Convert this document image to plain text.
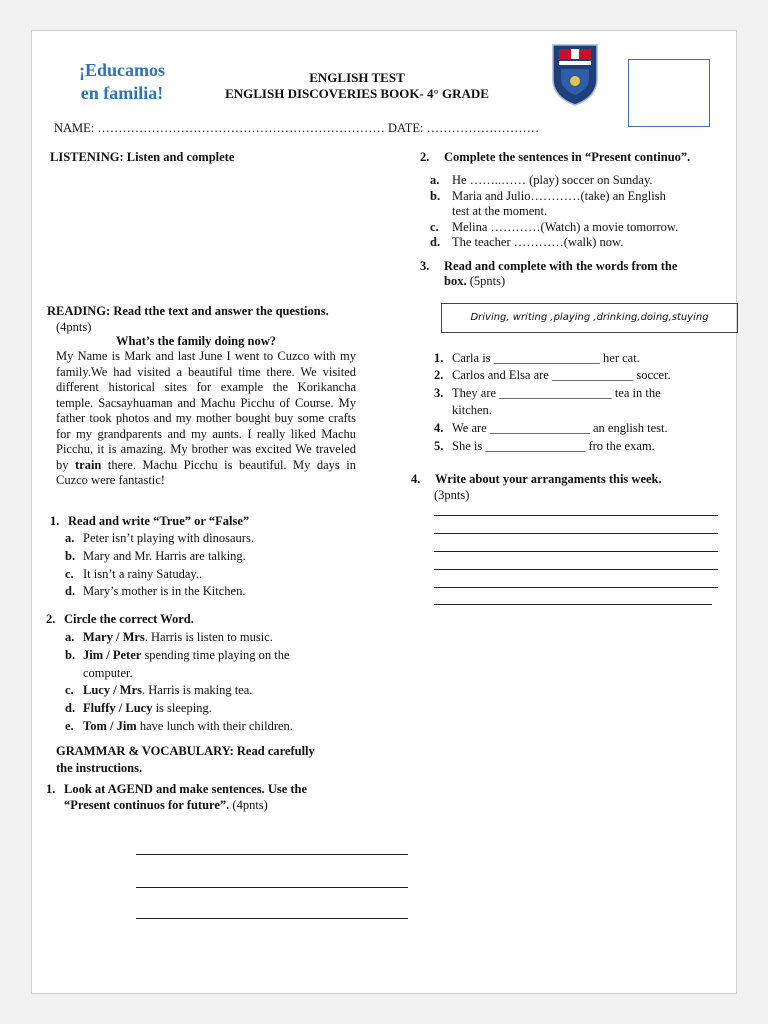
¡Educamos
en familia!
ENGLISH TEST
ENGLISH DISCOVERIES BOOK- 4° GRADE
NAME: …………………………………………………………… DATE: ………………………
LISTENING: Listen and complete
READING: Read tthe text and answer the questions.
(4pnts)
What’s the family doing now?
My Name is Mark and last June I went to Cuzco with my family.We had visited a beautiful time there. We visited different historical sites for example the Korikancha temple. Sacsayhuaman and Machu Picchu of Course. My father took photos and my mother bought buy some crafts for my grandparents and my aunts. I really liked Machu Picchu, it is amazing. My brother was excited We traveled by train there. Machu Picchu is beautiful. My days in Cuzco were fantastic!
1. Read and write “True” or “False”
a. Peter isn’t playing with dinosaurs.
b. Mary and Mr. Harris are talking.
c. It isn’t a rainy Satuday..
d. Mary’s mother is in the Kitchen.
2. Circle the correct Word.
a. Mary / Mrs. Harris is listen to music.
b. Jim / Peter spending time playing on the
computer.
c. Lucy / Mrs. Harris is making tea.
d. Fluffy / Lucy is sleeping.
e. Tom / Jim have lunch with their children.
GRAMMAR & VOCABULARY: Read carefully
the instructions.
1. Look at AGEND and make sentences. Use the
“Present continuos for future”. (4pnts)
2. Complete the sentences in “Present continuo”.
a. He ……..…… (play) soccer on Sunday.
b. Maria and Julio…………(take) an English
test at the moment.
c. Melina …………(Watch) a movie tomorrow.
d. The teacher …………(walk) now.
3. Read and complete with the words from the
box. (5pnts)
Driving, writing ,playing ,drinking,doing,stuying
1. Carla is _________________ her cat.
2. Carlos and Elsa are _____________ soccer.
3. They are __________________ tea in the
kitchen.
4. We are ________________ an english test.
5. She is ________________ fro the exam.
4. Write about your arrangaments this week.
(3pnts)
